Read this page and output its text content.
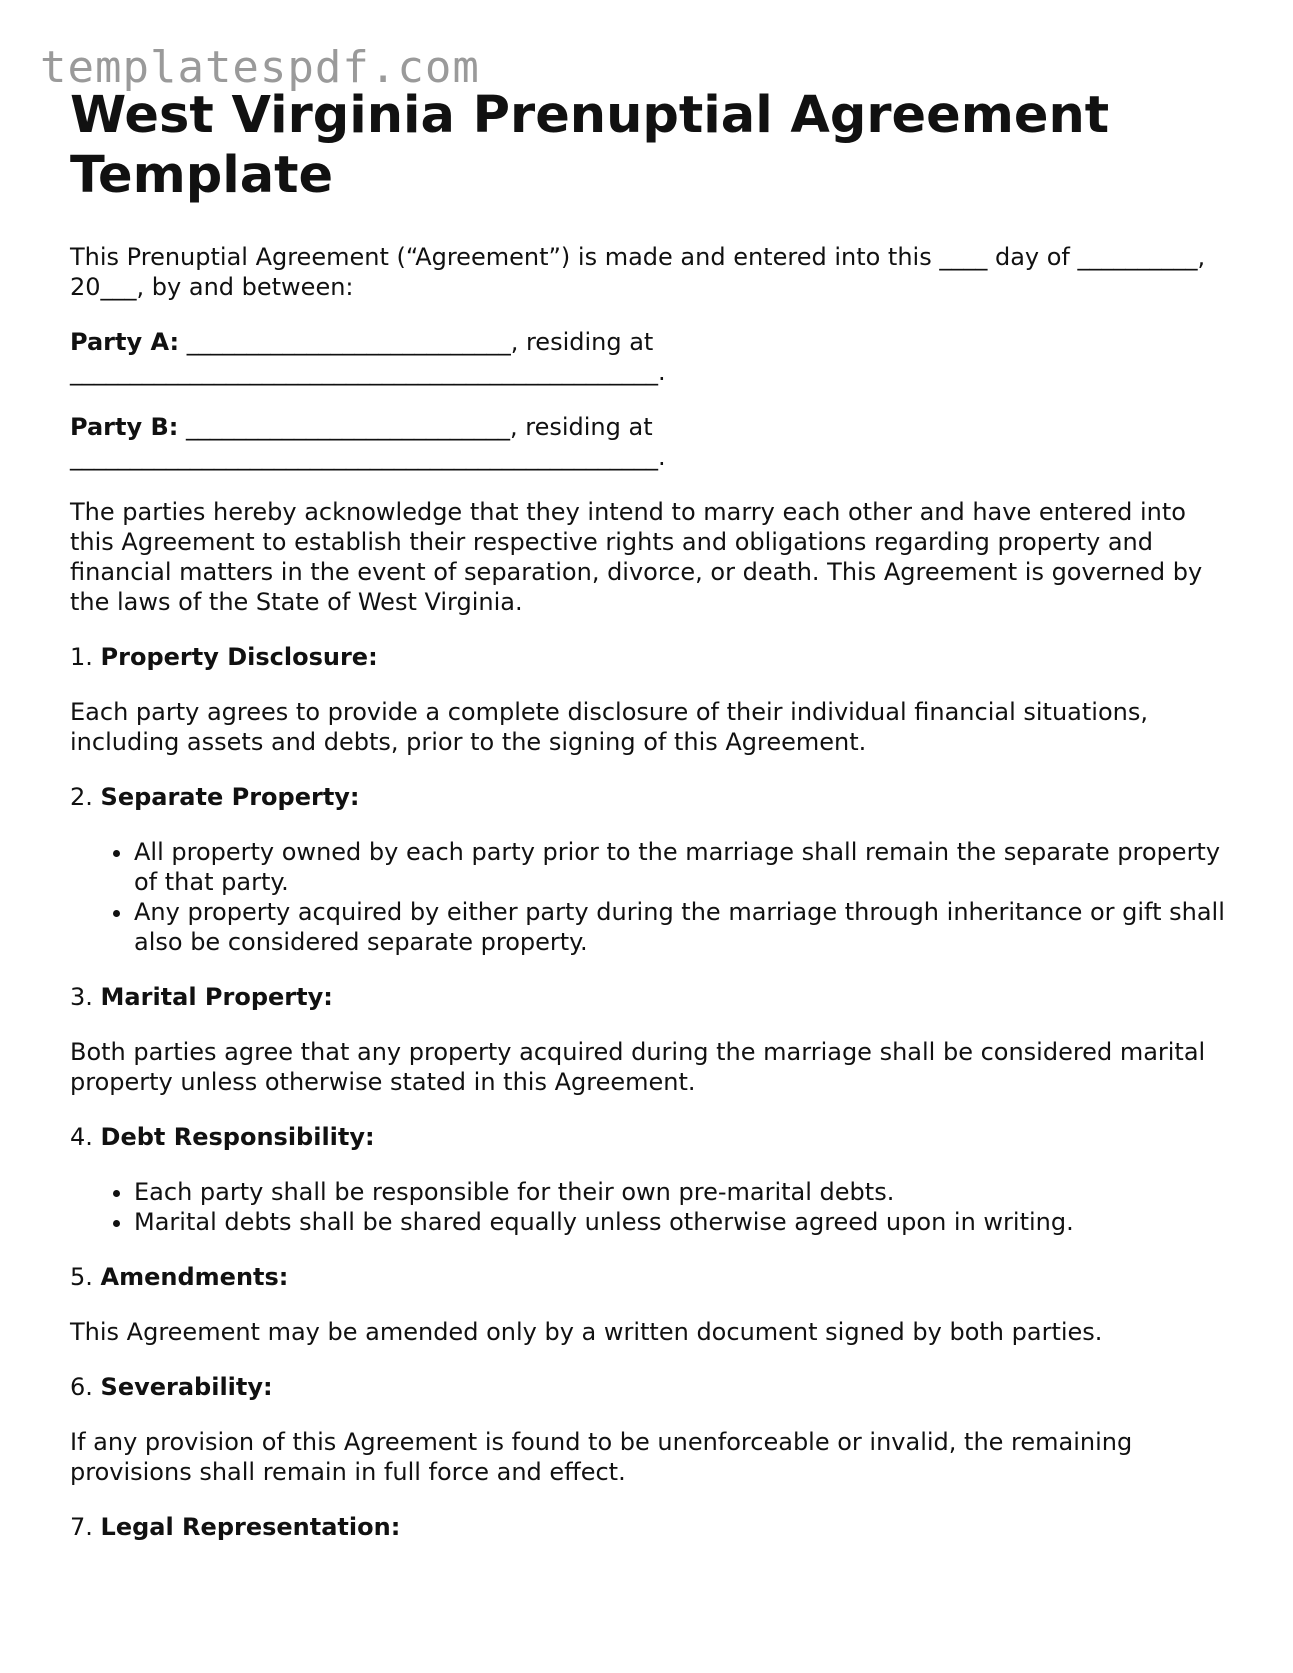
templatespdf.com
West Virginia Prenuptial Agreement Template

This Prenuptial Agreement (“Agreement”) is made and entered into this ____ day of __________, 20___, by and between:

Party A: ___________________________, residing at _________________________________________________.

Party B: ___________________________, residing at _________________________________________________.

The parties hereby acknowledge that they intend to marry each other and have entered into this Agreement to establish their respective rights and obligations regarding property and financial matters in the event of separation, divorce, or death. This Agreement is governed by the laws of the State of West Virginia.

1. Property Disclosure:

Each party agrees to provide a complete disclosure of their individual financial situations, including assets and debts, prior to the signing of this Agreement.

2. Separate Property:
• All property owned by each party prior to the marriage shall remain the separate property of that party.
• Any property acquired by either party during the marriage through inheritance or gift shall also be considered separate property.
3. Marital Property:

Both parties agree that any property acquired during the marriage shall be considered marital property unless otherwise stated in this Agreement.

4. Debt Responsibility:
• Each party shall be responsible for their own pre-marital debts.
• Marital debts shall be shared equally unless otherwise agreed upon in writing.
5. Amendments:

This Agreement may be amended only by a written document signed by both parties.

6. Severability:

If any provision of this Agreement is found to be unenforceable or invalid, the remaining provisions shall remain in full force and effect.

7. Legal Representation:
